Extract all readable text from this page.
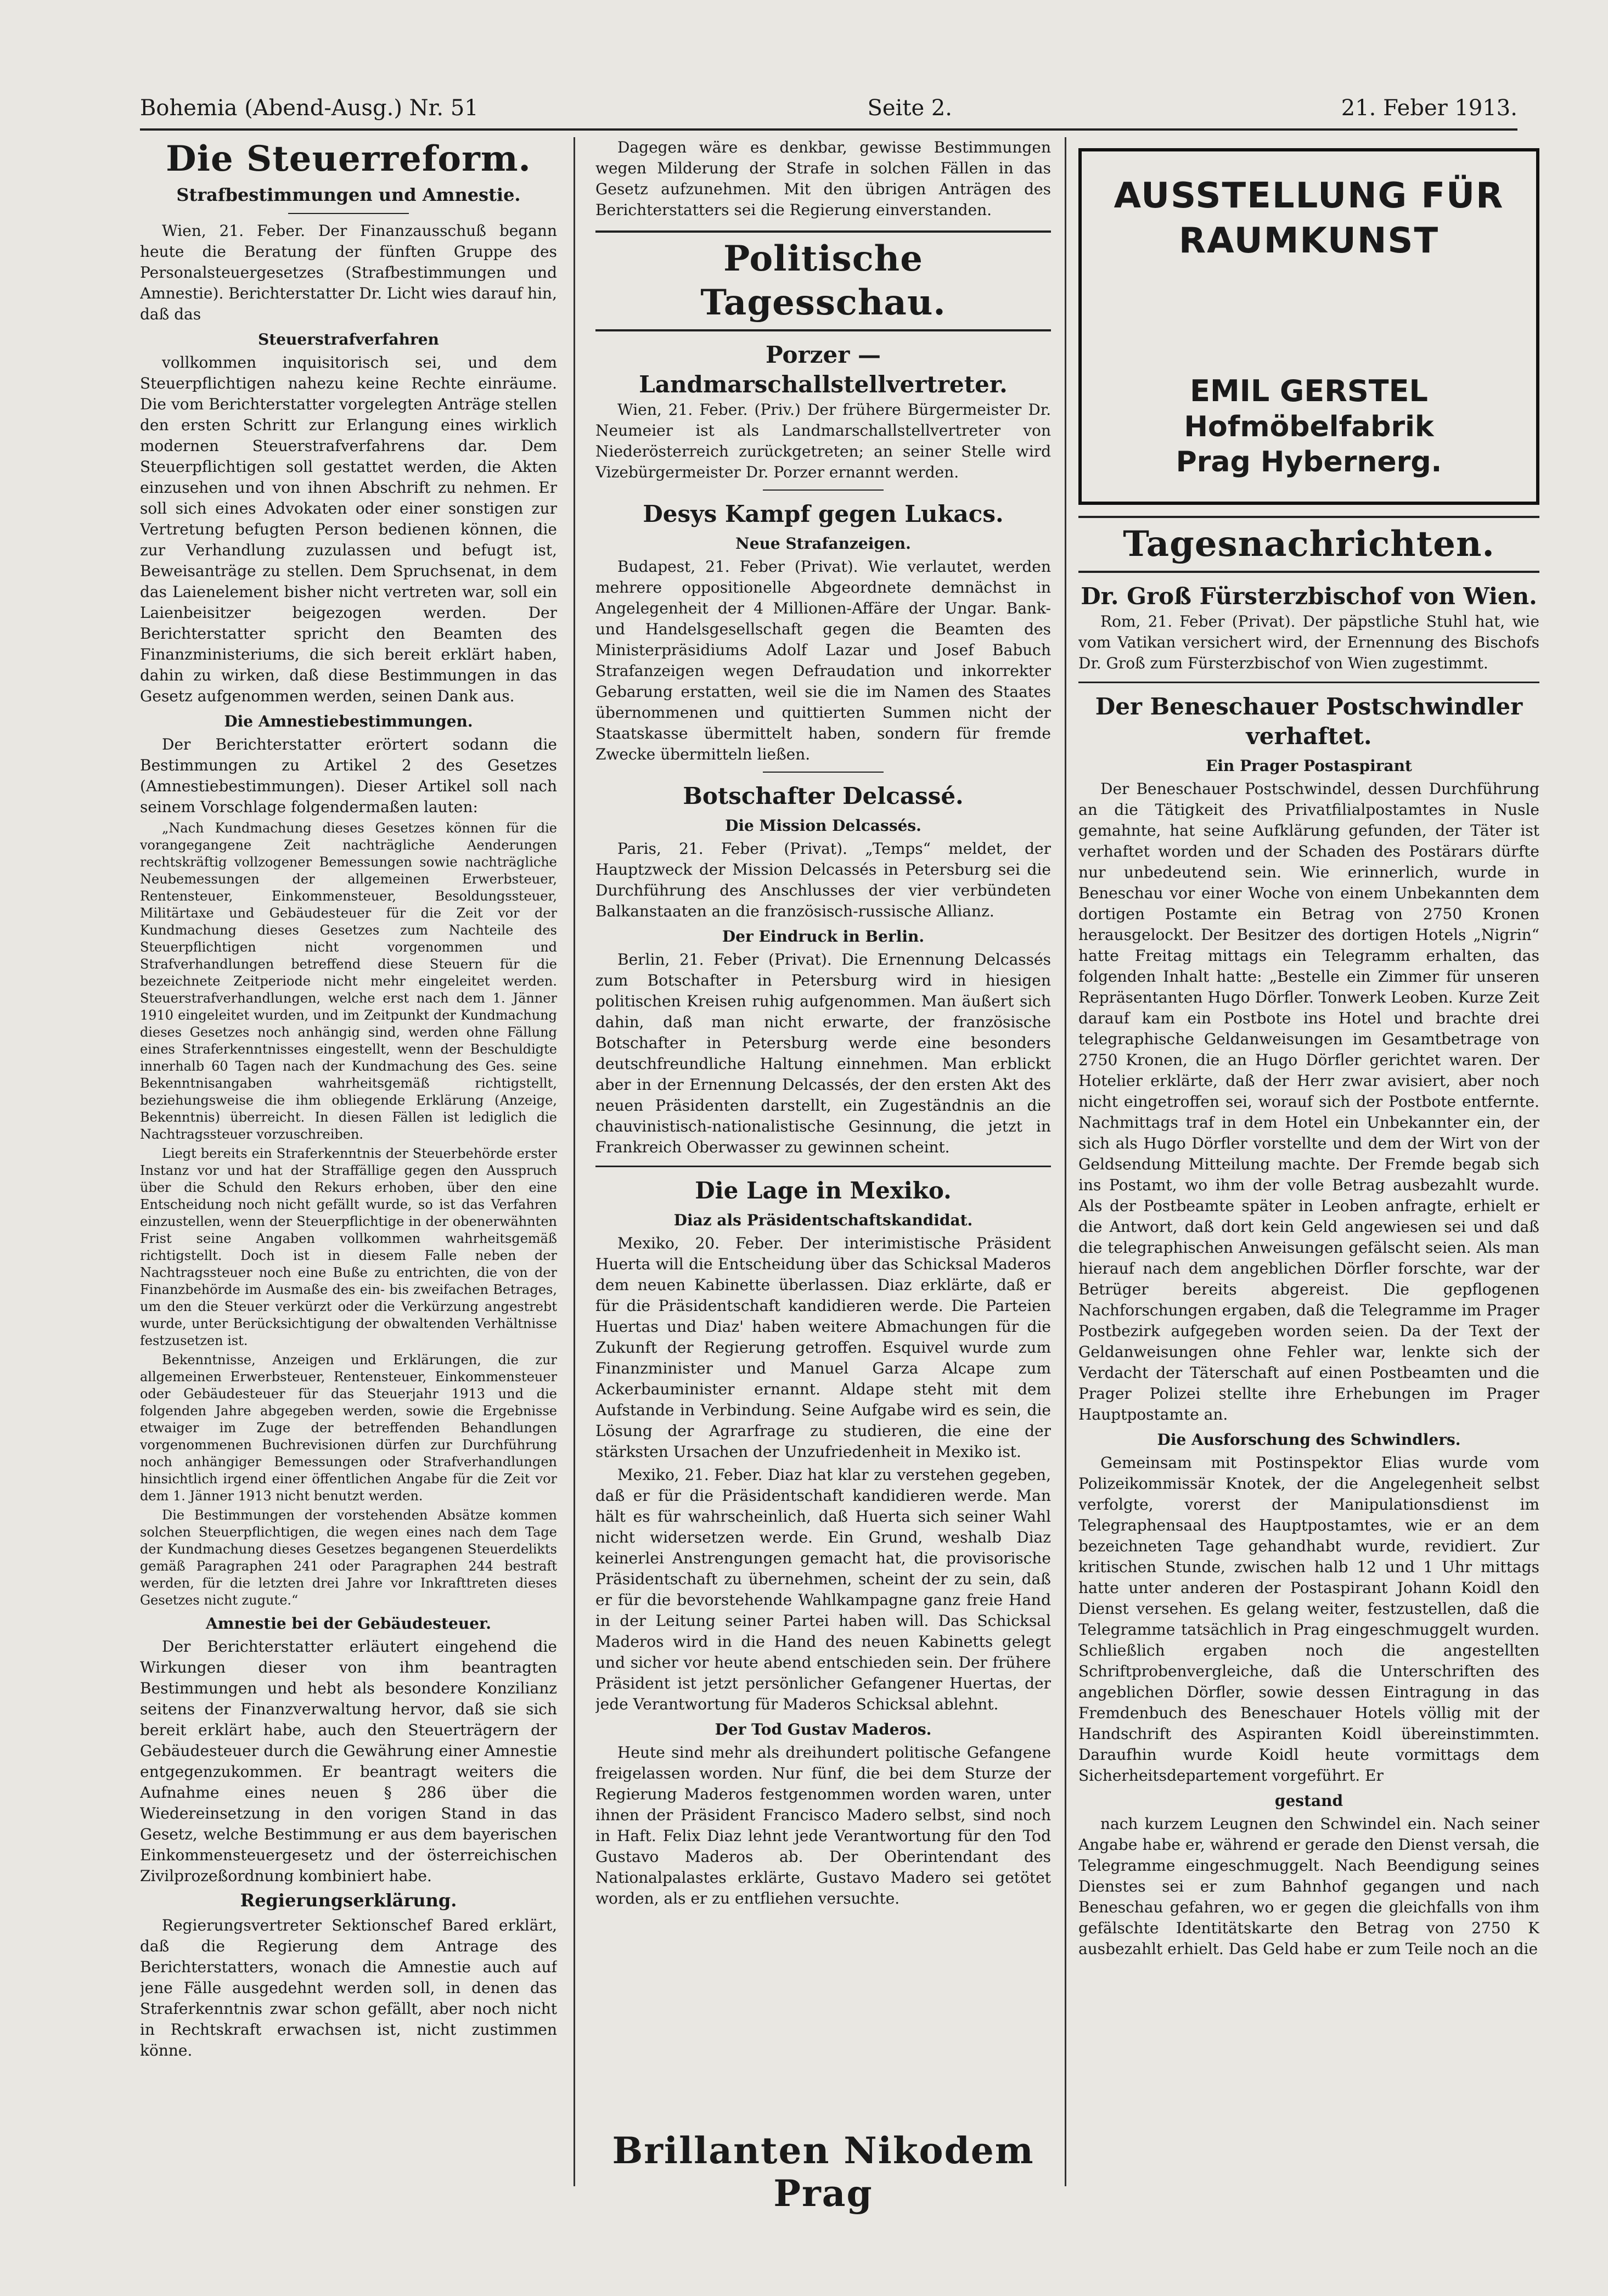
Bohemia (Abend-Ausg.) Nr. 51	Seite 2.	21. Feber 1913.
Die Steuerreform.
Strafbestimmungen und Amnestie.

Wien, 21. Feber. Der Finanzausschuß begann heute die Beratung der fünften Gruppe des Personalsteuergesetzes (Strafbestimmungen und Amnestie). Berichterstatter Dr. Licht wies darauf hin, daß das

Steuerstrafverfahren

vollkommen inquisitorisch sei, und dem Steuerpflichtigen nahezu keine Rechte einräume. Die vom Berichterstatter vorgelegten Anträge stellen den ersten Schritt zur Erlangung eines wirklich modernen Steuerstrafverfahrens dar. Dem Steuerpflichtigen soll gestattet werden, die Akten einzusehen und von ihnen Abschrift zu nehmen. Er soll sich eines Advokaten oder einer sonstigen zur Vertretung befugten Person bedienen können, die zur Verhandlung zuzulassen und befugt ist, Beweisanträge zu stellen. Dem Spruchsenat, in dem das Laienelement bisher nicht vertreten war, soll ein Laienbeisitzer beigezogen werden. Der Berichterstatter spricht den Beamten des Finanzministeriums, die sich bereit erklärt haben, dahin zu wirken, daß diese Bestimmungen in das Gesetz aufgenommen werden, seinen Dank aus.

Die Amnestiebestimmungen.

Der Berichterstatter erörtert sodann die Bestimmungen zu Artikel 2 des Gesetzes (Amnestiebestimmungen). Dieser Artikel soll nach seinem Vorschlage folgendermaßen lauten:

„Nach Kundmachung dieses Gesetzes können für die vorangegangene Zeit nachträgliche Aenderungen rechtskräftig vollzogener Bemessungen sowie nachträgliche Neubemessungen der allgemeinen Erwerbsteuer, Rentensteuer, Einkommensteuer, Besoldungssteuer, Militärtaxe und Gebäudesteuer für die Zeit vor der Kundmachung dieses Gesetzes zum Nachteile des Steuerpflichtigen nicht vorgenommen und Strafverhandlungen betreffend diese Steuern für die bezeichnete Zeitperiode nicht mehr eingeleitet werden. Steuerstrafverhandlungen, welche erst nach dem 1. Jänner 1910 eingeleitet wurden, und im Zeitpunkt der Kundmachung dieses Gesetzes noch anhängig sind, werden ohne Fällung eines Straferkenntnisses eingestellt, wenn der Beschuldigte innerhalb 60 Tagen nach der Kundmachung des Ges. seine Bekenntnisangaben wahrheitsgemäß richtigstellt, beziehungsweise die ihm obliegende Erklärung (Anzeige, Bekenntnis) überreicht. In diesen Fällen ist lediglich die Nachtragssteuer vorzuschreiben.

Liegt bereits ein Straferkenntnis der Steuerbehörde erster Instanz vor und hat der Straffällige gegen den Ausspruch über die Schuld den Rekurs erhoben, über den eine Entscheidung noch nicht gefällt wurde, so ist das Verfahren einzustellen, wenn der Steuerpflichtige in der obenerwähnten Frist seine Angaben vollkommen wahrheitsgemäß richtigstellt. Doch ist in diesem Falle neben der Nachtragssteuer noch eine Buße zu entrichten, die von der Finanzbehörde im Ausmaße des ein- bis zweifachen Betrages, um den die Steuer verkürzt oder die Verkürzung angestrebt wurde, unter Berücksichtigung der obwaltenden Verhältnisse festzusetzen ist.

Bekenntnisse, Anzeigen und Erklärungen, die zur allgemeinen Erwerbsteuer, Rentensteuer, Einkommensteuer oder Gebäudesteuer für das Steuerjahr 1913 und die folgenden Jahre abgegeben werden, sowie die Ergebnisse etwaiger im Zuge der betreffenden Behandlungen vorgenommenen Buchrevisionen dürfen zur Durchführung noch anhängiger Bemessungen oder Strafverhandlungen hinsichtlich irgend einer öffentlichen Angabe für die Zeit vor dem 1. Jänner 1913 nicht benutzt werden.

Die Bestimmungen der vorstehenden Absätze kommen solchen Steuerpflichtigen, die wegen eines nach dem Tage der Kundmachung dieses Gesetzes begangenen Steuerdelikts gemäß Paragraphen 241 oder Paragraphen 244 bestraft werden, für die letzten drei Jahre vor Inkrafttreten dieses Gesetzes nicht zugute.“

Amnestie bei der Gebäudesteuer.

Der Berichterstatter erläutert eingehend die Wirkungen dieser von ihm beantragten Bestimmungen und hebt als besondere Konzilianz seitens der Finanzverwaltung hervor, daß sie sich bereit erklärt habe, auch den Steuerträgern der Gebäudesteuer durch die Gewährung einer Amnestie entgegenzukommen. Er beantragt weiters die Aufnahme eines neuen § 286 über die Wiedereinsetzung in den vorigen Stand in das Gesetz, welche Bestimmung er aus dem bayerischen Einkommensteuergesetz und der österreichischen Zivilprozeßordnung kombiniert habe.

Regierungserklärung.

Regierungsvertreter Sektionschef Bared erklärt, daß die Regierung dem Antrage des Berichterstatters, wonach die Amnestie auch auf jene Fälle ausgedehnt werden soll, in denen das Straferkenntnis zwar schon gefällt, aber noch nicht in Rechtskraft erwachsen ist, nicht zustimmen könne.

Dagegen wäre es denkbar, gewisse Bestimmungen wegen Milderung der Strafe in solchen Fällen in das Gesetz aufzunehmen. Mit den übrigen Anträgen des Berichterstatters sei die Regierung einverstanden.

Politische Tagesschau.
Porzer — Landmarschallstellvertreter.

Wien, 21. Feber. (Priv.) Der frühere Bürgermeister Dr. Neumeier ist als Landmarschallstellvertreter von Niederösterreich zurückgetreten; an seiner Stelle wird Vizebürgermeister Dr. Porzer ernannt werden.

Desys Kampf gegen Lukacs.
Neue Strafanzeigen.

Budapest, 21. Feber (Privat). Wie verlautet, werden mehrere oppositionelle Abgeordnete demnächst in Angelegenheit der 4 Millionen-Affäre der Ungar. Bank- und Handelsgesellschaft gegen die Beamten des Ministerpräsidiums Adolf Lazar und Josef Babuch Strafanzeigen wegen Defraudation und inkorrekter Gebarung erstatten, weil sie die im Namen des Staates übernommenen und quittierten Summen nicht der Staatskasse übermittelt haben, sondern für fremde Zwecke übermitteln ließen.

Botschafter Delcassé.
Die Mission Delcassés.

Paris, 21. Feber (Privat). „Temps“ meldet, der Hauptzweck der Mission Delcassés in Petersburg sei die Durchführung des Anschlusses der vier verbündeten Balkanstaaten an die französisch-russische Allianz.

Der Eindruck in Berlin.

Berlin, 21. Feber (Privat). Die Ernennung Delcassés zum Botschafter in Petersburg wird in hiesigen politischen Kreisen ruhig aufgenommen. Man äußert sich dahin, daß man nicht erwarte, der französische Botschafter in Petersburg werde eine besonders deutschfreundliche Haltung einnehmen. Man erblickt aber in der Ernennung Delcassés, der den ersten Akt des neuen Präsidenten darstellt, ein Zugeständnis an die chauvinistisch-nationalistische Gesinnung, die jetzt in Frankreich Oberwasser zu gewinnen scheint.

Die Lage in Mexiko.
Diaz als Präsidentschaftskandidat.

Mexiko, 20. Feber. Der interimistische Präsident Huerta will die Entscheidung über das Schicksal Maderos dem neuen Kabinette überlassen. Diaz erklärte, daß er für die Präsidentschaft kandidieren werde. Die Parteien Huertas und Diaz' haben weitere Abmachungen für die Zukunft der Regierung getroffen. Esquivel wurde zum Finanzminister und Manuel Garza Alcape zum Ackerbauminister ernannt. Aldape steht mit dem Aufstande in Verbindung. Seine Aufgabe wird es sein, die Lösung der Agrarfrage zu studieren, die eine der stärksten Ursachen der Unzufriedenheit in Mexiko ist.

Mexiko, 21. Feber. Diaz hat klar zu verstehen gegeben, daß er für die Präsidentschaft kandidieren werde. Man hält es für wahrscheinlich, daß Huerta sich seiner Wahl nicht widersetzen werde. Ein Grund, weshalb Diaz keinerlei Anstrengungen gemacht hat, die provisorische Präsidentschaft zu übernehmen, scheint der zu sein, daß er für die bevorstehende Wahlkampagne ganz freie Hand in der Leitung seiner Partei haben will. Das Schicksal Maderos wird in die Hand des neuen Kabinetts gelegt und sicher vor heute abend entschieden sein. Der frühere Präsident ist jetzt persönlicher Gefangener Huertas, der jede Verantwortung für Maderos Schicksal ablehnt.

Der Tod Gustav Maderos.

Heute sind mehr als dreihundert politische Gefangene freigelassen worden. Nur fünf, die bei dem Sturze der Regierung Maderos festgenommen worden waren, unter ihnen der Präsident Francisco Madero selbst, sind noch in Haft. Felix Diaz lehnt jede Verantwortung für den Tod Gustavo Maderos ab. Der Oberintendant des Nationalpalastes erklärte, Gustavo Madero sei getötet worden, als er zu entfliehen versuchte.

Brillanten Nikodem Prag
AUSSTELLUNG FÜR
RAUMKUNST
EMIL GERSTEL
Hofmöbelfabrik
Prag Hybernerg.
Tagesnachrichten.
Dr. Groß Fürsterzbischof von Wien.

Rom, 21. Feber (Privat). Der päpstliche Stuhl hat, wie vom Vatikan versichert wird, der Ernennung des Bischofs Dr. Groß zum Fürsterzbischof von Wien zugestimmt.

Der Beneschauer Postschwindler verhaftet.
Ein Prager Postaspirant

Der Beneschauer Postschwindel, dessen Durchführung an die Tätigkeit des Privatfilialpostamtes in Nusle gemahnte, hat seine Aufklärung gefunden, der Täter ist verhaftet worden und der Schaden des Postärars dürfte nur unbedeutend sein. Wie erinnerlich, wurde in Beneschau vor einer Woche von einem Unbekannten dem dortigen Postamte ein Betrag von 2750 Kronen herausgelockt. Der Besitzer des dortigen Hotels „Nigrin“ hatte Freitag mittags ein Telegramm erhalten, das folgenden Inhalt hatte: „Bestelle ein Zimmer für unseren Repräsentanten Hugo Dörfler. Tonwerk Leoben. Kurze Zeit darauf kam ein Postbote ins Hotel und brachte drei telegraphische Geldanweisungen im Gesamtbetrage von 2750 Kronen, die an Hugo Dörfler gerichtet waren. Der Hotelier erklärte, daß der Herr zwar avisiert, aber noch nicht eingetroffen sei, worauf sich der Postbote entfernte. Nachmittags traf in dem Hotel ein Unbekannter ein, der sich als Hugo Dörfler vorstellte und dem der Wirt von der Geldsendung Mitteilung machte. Der Fremde begab sich ins Postamt, wo ihm der volle Betrag ausbezahlt wurde. Als der Postbeamte später in Leoben anfragte, erhielt er die Antwort, daß dort kein Geld angewiesen sei und daß die telegraphischen Anweisungen gefälscht seien. Als man hierauf nach dem angeblichen Dörfler forschte, war der Betrüger bereits abgereist. Die gepflogenen Nachforschungen ergaben, daß die Telegramme im Prager Postbezirk aufgegeben worden seien. Da der Text der Geldanweisungen ohne Fehler war, lenkte sich der Verdacht der Täterschaft auf einen Postbeamten und die Prager Polizei stellte ihre Erhebungen im Prager Hauptpostamte an.

Die Ausforschung des Schwindlers.

Gemeinsam mit Postinspektor Elias wurde vom Polizeikommissär Knotek, der die Angelegenheit selbst verfolgte, vorerst der Manipulationsdienst im Telegraphensaal des Hauptpostamtes, wie er an dem bezeichneten Tage gehandhabt wurde, revidiert. Zur kritischen Stunde, zwischen halb 12 und 1 Uhr mittags hatte unter anderen der Postaspirant Johann Koidl den Dienst versehen. Es gelang weiter, festzustellen, daß die Telegramme tatsächlich in Prag eingeschmuggelt wurden. Schließlich ergaben noch die angestellten Schriftprobenvergleiche, daß die Unterschriften des angeblichen Dörfler, sowie dessen Eintragung in das Fremdenbuch des Beneschauer Hotels völlig mit der Handschrift des Aspiranten Koidl übereinstimmten. Daraufhin wurde Koidl heute vormittags dem Sicherheitsdepartement vorgeführt. Er

gestand

nach kurzem Leugnen den Schwindel ein. Nach seiner Angabe habe er, während er gerade den Dienst versah, die Telegramme eingeschmuggelt. Nach Beendigung seines Dienstes sei er zum Bahnhof gegangen und nach Beneschau gefahren, wo er gegen die gleichfalls von ihm gefälschte Identitätskarte den Betrag von 2750 K ausbezahlt erhielt. Das Geld habe er zum Teile noch an die
